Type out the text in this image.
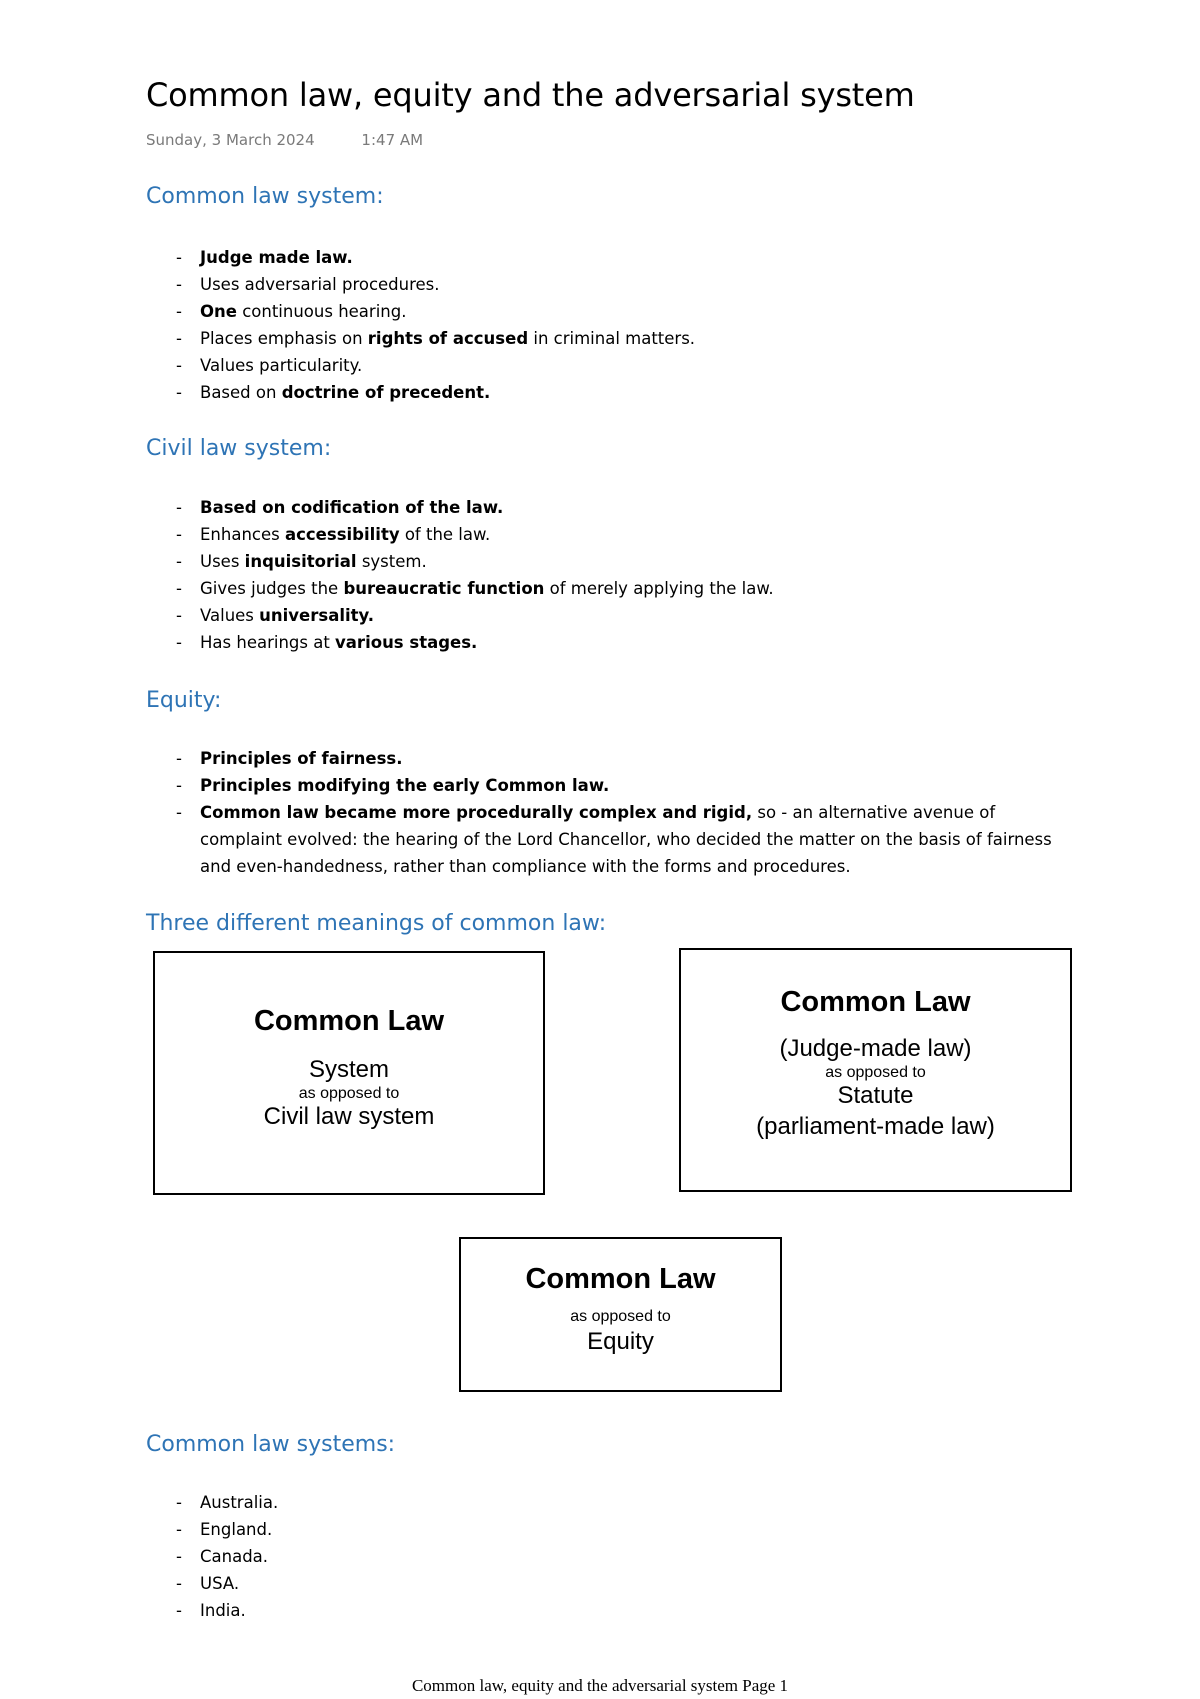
Common law, equity and the adversarial system
Sunday, 3 March 2024	1:47 AM
Common law system:
- Judge made law.
- Uses adversarial procedures.
- One continuous hearing.
- Places emphasis on rights of accused in criminal matters.
- Values particularity.
- Based on doctrine of precedent.
Civil law system:
- Based on codification of the law.
- Enhances accessibility of the law.
- Uses inquisitorial system.
- Gives judges the bureaucratic function of merely applying the law.
- Values universality.
- Has hearings at various stages.
Equity:
- Principles of fairness.
- Principles modifying the early Common law.
- Common law became more procedurally complex and rigid, so - an alternative avenue of complaint evolved: the hearing of the Lord Chancellor, who decided the matter on the basis of fairness and even-handedness, rather than compliance with the forms and procedures.
Three different meanings of common law:
Common Law
System
as opposed to
Civil law system
Common Law
(Judge-made law)
as opposed to
Statute
(parliament-made law)
Common Law
as opposed to
Equity
Common law systems:
- Australia.
- England.
- Canada.
- USA.
- India.
Common law, equity and the adversarial system Page 1
